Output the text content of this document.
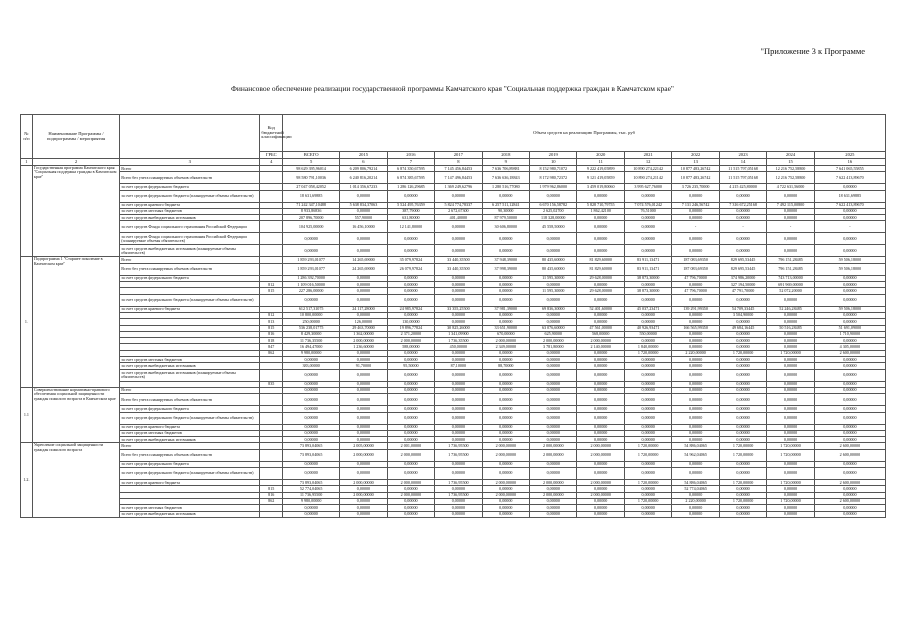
"Приложение 3 к Программе
Финансовое обеспечение реализации государственной программы Камчатского края "Социальная поддержка граждан в Камчатском крае"
№ п/п	Наименование Программы / подпрограммы / мероприятия		Код бюджетной классификации	Объем средств на реализацию Программы, тыс. руб											
			ГРБС	ВСЕГО	2015	2016	2017	2018	2019	2020	2021	2022	2023	2024	2025
1	2	3	4	5	6	7	8	9	10	11	12	13	14	15	16
	Государственная программа Камчатского края "Социальная поддержка граждан в Камчатском крае"	Всего		98 629 395,96014	6 209 806,79214	6 874 350,67595	7 145 456,84453	7 636 706,89881	8 152 980,71072	9 222 419,05899	10 890 274,22142	10 877 483,26742	11 515 797,05168	12 216 752,58800	7 641 065,55855
		Всего без учета планируемых объемов обязательств		98 580 791,10036	6 240 816,20214	6 874 385,67595	7 147 496,84453	7 636 636,18843	8 172 980,72372	9 121 419,05859	10 890 274,21142	10 877 483,26742	11 515 797,05168	12 216 752,58800	7 622 413,89670
		за счет средств федерального бюджета		27 047 058,42052	1 014 356,67233	1 286 126,29685	1 369 249,62796	1 280 516,77080	1 979 962,86000	3 459 019,80060	3 995 627,76000	3 726 235,70000	4 215 425,80000	4 722 631,56000	0,00000
		за счет средств федерального бюджета (планируемые объемы обязательств)		18 631,69885	0,00000	0,00000	0,00000	0,00000	0,00000	0,00000	0,00000	0,00000	0,00000	0,00000	18 631,69885
		за счет средств краевого бюджета		71 242 347,10488	5 638 834,37063	5 524 495,76359	5 824 774,78337	6 257 511,12841	6 670 156,58782	5 828 710,79755	7 074 576,01242	7 131 246,56742	7 316 672,25168	7 492 115,00800	7 622 413,89670
		за счет средств местных бюджетов		8 933,86836	0,00000	387,79000	2 672,67300	90,30000	2 625,02700	1 862,42100	76,51000	0,00000	0,00000	0,00000	0,00000
		за счет средств внебюджетных источников		207 896,70000	557,90000	631,80000	401,40000	87 979,50000	118 328,00000	0,00000	0,00000	0,00000	0,00000	0,00000	0,00000
		за счет средств Фонда социального страхования Российской Федерации		104 925,00000	16 456,10000	12 141,80000	0,00000	30 606,80000	45 558,50000	0,00000	0,00000	-	-	-	-
		за счет средств Фонда социального страхования Российской Федерации (планируемые объемы обязательств)		0,00000	0,00000	0,00000	0,00000	0,00000	0,00000	0,00000	0,00000	0,00000	0,00000	0,00000	0,00000
		за счет средств внебюджетных источников (планируемые объемы обязательств)		0,00000	0,00000	0,00000	0,00000	0,00000	0,00000	0,00000	0,00000	0,00000	0,00000	0,00000	0,00000
1.	Подпрограмма 1 "Старшее поколение в Камчатском крае"	Всего		1 859 293,01077	14 265,69000	35 079,97824	33 440,35500	37 948,39000	80 435,60000	81 829,60000	83 911,13471	187 083,69350	829 695,53445	796 151,28485	59 506,18000
		Всего без учета планируемых объемов обязательств		1 859 293,01077	24 265,69000	26 079,97824	33 440,35500	37 998,39000	80 435,60000	81 829,60000	83 911,13471	187 083,69350	829 695,53445	796 151,28485	59 506,18000
		за счет средств федерального бюджета		1 286 392,70000	0,00000	0,00000	0,00000	0,00000	11 595,30000	29 628,00000	38 873,30000	47 796,70000	374 986,20000	743 713,00000	0,00000
			812	1 109 016,50000	0,00000	0,00000	0,00000	0,00000	0,00000	0,00000	0,00000	0,00000	327 194,50000	691 969,00000	0,00000
			815	227 286,00000	0,00000	0,00000	0,00000	0,00000	11 595,30000	29 628,00000	38 873,30000	47 796,70000	47 791,70000	52 072,20000	0,00000
		за счет средств федерального бюджета (планируемые объемы обязательств)		0,00000	0,00000	0,00000	0,00000	0,00000	0,00000	0,00000	0,00000	0,00000	0,00000	0,00000	0,00000
		за счет средств краевого бюджета		612 517,31075	24 117,28000	24 985,97824	33 355,25500	37 981,39000	69 836,30000	52 401,60000	45 037,23471	139 291,99350	54 709,33445	52 246,28485	59 506,18000
			812	10 800,00000	0,00000	0,00000	0,00000	0,00000	0,00000	0,00000	0,00000	0,00000	3 504,90000	0,00000	0,00000
			813	250,00000	126,00000	130,00000	0,00000	0,00000	0,00000	0,00000	0,00000	0,00000	0,00000	0,00000	0,00000
			815	536 238,01775	29 463,70000	19 896,77824	30 825,26000	33 651,90000	63 076,60000	47 561,00000	40 926,93471	166 565,99350	49 684,16445	50 516,28485	51 691,09000
			816	8 429,30000	1 362,00000	2 371,20000	1 341,09900	670,00000	625,90000	568,00000	550,00000	0,00000	0,00000	0,00000	1 710,90000
			818	11 736,35500	2 000,00000	2 000,00000	1 736,35500	2 000,00000	2 000,00000	2 000,00000	0,00000	0,00000	0,00000	0,00000	0,00000
			847	16 494,47000	1 236,60000	588,00000	450,00000	2 349,00000	3 781,80000	2 140,00000	1 840,00000	0,00000	0,00000	0,00000	4 305,00000
			862	9 980,00000	0,00000	0,00000	0,00000	0,00000	0,00000	0,00000	1 720,00000	2 220,00000	1 720,00000	1 720,00000	2 600,00000
		за счет средств местных бюджетов		0,00000	0,00000	0,00000	0,00000	0,00000	0,00000	0,00000	0,00000	0,00000	0,00000	0,00000	0,00000
		за счет средств внебюджетных источников		383,00000	91,70000	95,50000	87,10000	88,70000	0,00000	0,00000	0,00000	0,00000	0,00000	0,00000	0,00000
		за счет средств внебюджетных источников (планируемые объемы обязательств)		0,00000	0,00000	0,00000	0,00000	0,00000	0,00000	0,00000	0,00000	0,00000	0,00000	0,00000	0,00000
			835	0,00000	0,00000	0,00000	0,00000	0,00000	0,00000	0,00000	0,00000	0,00000	0,00000	0,00000	0,00000
1.1	Совершенствование нормативно-правового обеспечения социальной защищенности граждан пожилого возраста в Камчатском крае	Всего		0,00000	0,00000	0,00000	0,00000	0,00000	0,00000	0,00000	0,00000	0,00000	0,00000	0,00000	0,00000
		Всего без учета планируемых объемов обязательств		0,00000	0,00000	0,00000	0,00000	0,00000	0,00000	0,00000	0,00000	0,00000	0,00000	0,00000	0,00000
		за счет средств федерального бюджета		0,00000	0,00000	0,00000	0,00000	0,00000	0,00000	0,00000	0,00000	0,00000	0,00000	0,00000	0,00000
		за счет средств федерального бюджета (планируемые объемы обязательств)		0,00000	0,00000	0,00000	0,00000	0,00000	0,00000	0,00000	0,00000	0,00000	0,00000	0,00000	0,00000
		за счет средств краевого бюджета		0,00000	0,00000	0,00000	0,00000	0,00000	0,00000	0,00000	0,00000	0,00000	0,00000	0,00000	0,00000
		за счет средств местных бюджетов		0,00000	0,00000	0,00000	0,00000	0,00000	0,00000	0,00000	0,00000	0,00000	0,00000	0,00000	0,00000
		за счет средств внебюджетных источников		0,00000	0,00000	0,00000	0,00000	0,00000	0,00000	0,00000	0,00000	0,00000	0,00000	0,00000	0,00000
1.2.	Укрепление социальной защищенности граждан пожилого возраста	Всего		73 893,04065	2 005,00000	2 001,00000	1 736,95500	2 000,00000	2 000,00000	2 000,00000	1 720,00000	54 886,04065	1 720,00000	1 720,00000	2 600,00000
		Всего без учета планируемых объемов обязательств		73 893,04065	2 000,00000	2 000,00000	1 736,95500	2 000,00000	2 000,00000	2 000,00000	1 720,00000	54 962,04065	1 720,00000	1 720,00000	2 600,00000
		за счет средств федерального бюджета		0,00000	0,00000	0,00000	0,00000	0,00000	0,00000	0,00000	0,00000	0,00000	0,00000	0,00000	0,00000
		за счет средств федерального бюджета (планируемые объемы обязательств)		0,00000	0,00000	0,00000	0,00000	0,00000	0,00000	0,00000	0,00000	0,00000	0,00000	0,00000	0,00000
		за счет средств краевого бюджета		73 893,04065	2 000,00000	2 000,00000	1 736,95500	2 000,00000	2 000,00000	2 000,00000	1 720,00000	54 886,04065	1 720,00000	1 720,00000	2 600,00000
			815	52 774,04065	0,00000	0,00000	0,00000	0,00000	0,00000	0,00000	0,00000	52 774,04065	0,00000	0,00000	0,00000
			816	11 736,95500	2 000,00000	2 000,00000	1 736,95500	2 000,00000	2 000,00000	2 000,00000	0,00000	0,00000	0,00000	0,00000	0,00000
			862	9 980,00000	0,00000	0,00000	0,00000	0,00000	0,00000	0,00000	1 720,00000	2 220,00000	1 720,00000	1 720,00000	2 600,00000
		за счет средств местных бюджетов		0,00000	0,00000	0,00000	0,00000	0,00000	0,00000	0,00000	0,00000	0,00000	0,00000	0,00000	0,00000
		за счет средств внебюджетных источников		0,00000	0,00000	0,00000	0,00000	0,00000	0,00000	0,00000	0,00000	0,00000	0,00000	0,00000	0,00000
